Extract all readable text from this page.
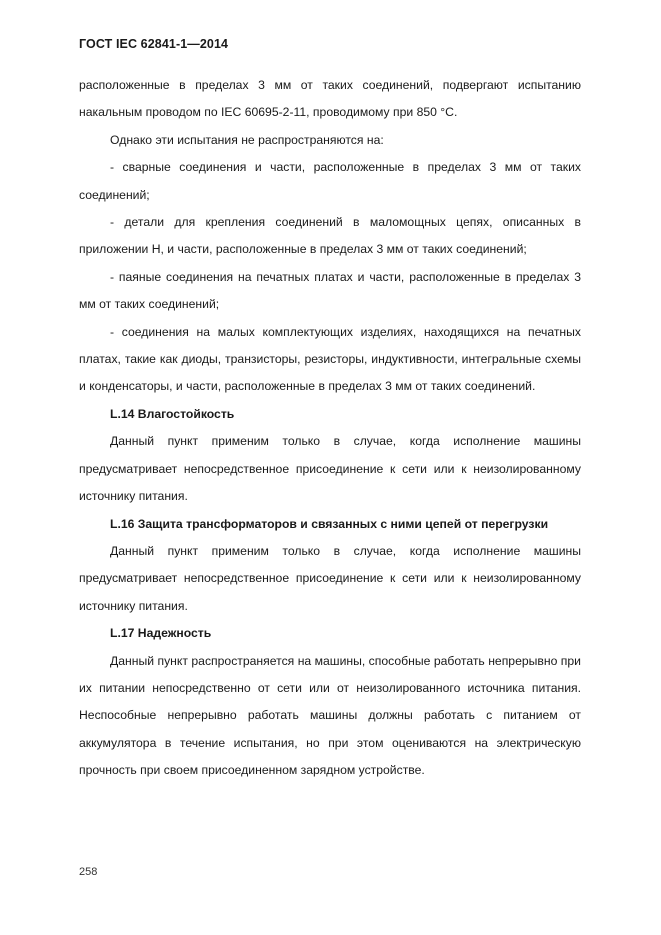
ГОСТ IEC 62841-1—2014

расположенные в пределах 3 мм от таких соединений, подвергают испытанию накальным проводом по IEC 60695-2-11, проводимому при 850 °C.

Однако эти испытания не распространяются на:

- сварные соединения и части, расположенные в пределах 3 мм от таких соединений;

- детали для крепления соединений в маломощных цепях, описанных в приложении H, и части, расположенные в пределах 3 мм от таких соединений;

- паяные соединения на печатных платах и части, расположенные в пределах 3 мм от таких соединений;

- соединения на малых комплектующих изделиях, находящихся на печатных платах, такие как диоды, транзисторы, резисторы, индуктивности, интегральные схемы и конденсаторы, и части, расположенные в пределах 3 мм от таких соединений.

L.14 Влагостойкость

Данный пункт применим только в случае, когда исполнение машины предусматривает непосредственное присоединение к сети или к неизолированному источнику питания.

L.16 Защита трансформаторов и связанных с ними цепей от перегрузки

Данный пункт применим только в случае, когда исполнение машины предусматривает непосредственное присоединение к сети или к неизолированному источнику питания.

L.17 Надежность

Данный пункт распространяется на машины, способные работать непрерывно при их питании непосредственно от сети или от неизолированного источника питания. Неспособные непрерывно работать машины должны работать с питанием от аккумулятора в течение испытания, но при этом оцениваются на электрическую прочность при своем присоединенном зарядном устройстве.

258
